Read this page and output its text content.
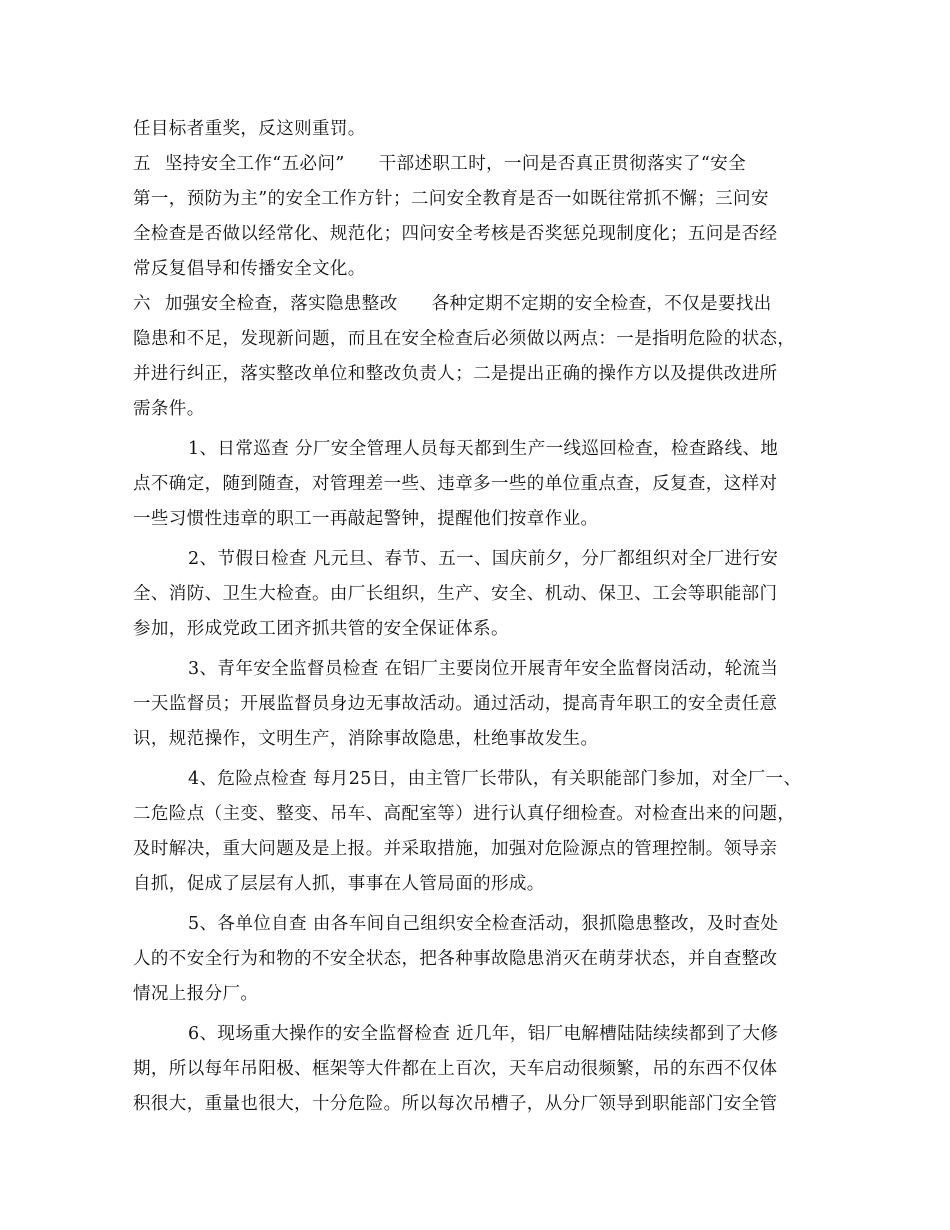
任目标者重奖，反这则重罚。
五 坚持安全工作“五必问” 干部述职工时，一问是否真正贯彻落实了“安全
第一，预防为主”的安全工作方针；二问安全教育是否一如既往常抓不懈；三问安
全检查是否做以经常化、规范化；四问安全考核是否奖惩兑现制度化；五问是否经
常反复倡导和传播安全文化。
六 加强安全检查，落实隐患整改 各种定期不定期的安全检查，不仅是要找出
隐患和不足，发现新问题，而且在安全检查后必须做以两点：一是指明危险的状态，
并进行纠正，落实整改单位和整改负责人；二是提出正确的操作方以及提供改进所
需条件。
1、日常巡查 分厂安全管理人员每天都到生产一线巡回检查，检查路线、地
点不确定，随到随查，对管理差一些、违章多一些的单位重点查，反复查，这样对
一些习惯性违章的职工一再敲起警钟，提醒他们按章作业。
2、节假日检查 凡元旦、春节、五一、国庆前夕，分厂都组织对全厂进行安
全、消防、卫生大检查。由厂长组织，生产、安全、机动、保卫、工会等职能部门
参加，形成党政工团齐抓共管的安全保证体系。
3、青年安全监督员检查 在铝厂主要岗位开展青年安全监督岗活动，轮流当
一天监督员；开展监督员身边无事故活动。通过活动，提高青年职工的安全责任意
识，规范操作，文明生产，消除事故隐患，杜绝事故发生。
4、危险点检查 每月25日，由主管厂长带队，有关职能部门参加，对全厂一、
二危险点（主变、整变、吊车、高配室等）进行认真仔细检查。对检查出来的问题，
及时解决，重大问题及是上报。并采取措施，加强对危险源点的管理控制。领导亲
自抓，促成了层层有人抓，事事在人管局面的形成。
5、各单位自查 由各车间自己组织安全检查活动，狠抓隐患整改，及时查处
人的不安全行为和物的不安全状态，把各种事故隐患消灭在萌芽状态，并自查整改
情况上报分厂。
6、现场重大操作的安全监督检查 近几年，铝厂电解槽陆陆续续都到了大修
期，所以每年吊阳极、框架等大件都在上百次，天车启动很频繁，吊的东西不仅体
积很大，重量也很大，十分危险。所以每次吊槽子，从分厂领导到职能部门安全管
